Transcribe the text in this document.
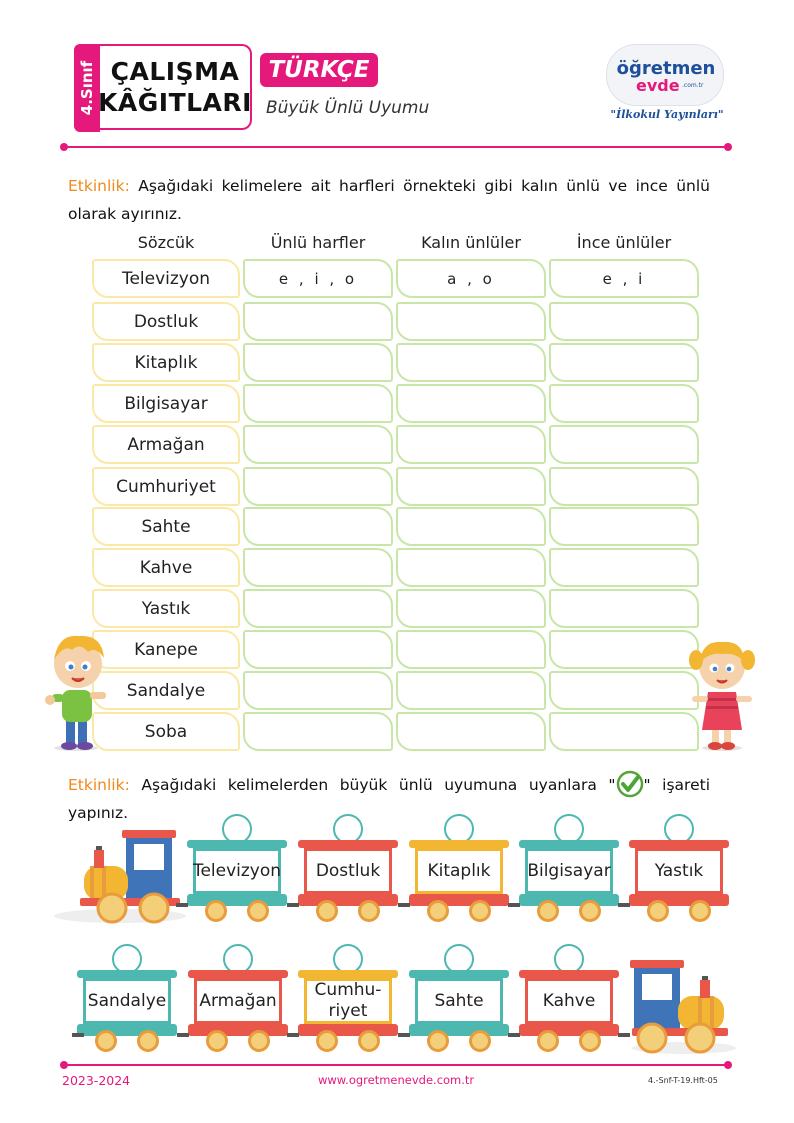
4.Sınıf ÇALIŞMA
KÂĞITLARI
TÜRKÇE
Büyük Ünlü Uyumu
öğretmen
evde .com.tr
"İlkokul Yayınları"
Etkinlik: Aşağıdaki kelimelere ait harfleri örnekteki gibi kalın ünlü ve ince ünlü olarak ayırınız.
Sözcük	Ünlü harfler	Kalın ünlüler	İnce ünlüler
Televizyon	e , i , o	a , o	e , i
Dostluk
Kitaplık
Bilgisayar
Armağan
Cumhuriyet
Sahte
Kahve
Yastık
Kanepe
Sandalye
Soba
Etkinlik: Aşağıdaki kelimelerden büyük ünlü uyumuna uyanlara " " işareti yapınız.
Televizyon	Dostluk	Kitaplık	Bilgisayar	Yastık
Sandalye	Armağan
Cumhu-
riyet
Sahte	Kahve
2023-2024	www.ogretmenevde.com.tr	4.-Snf-T-19.Hft-05
